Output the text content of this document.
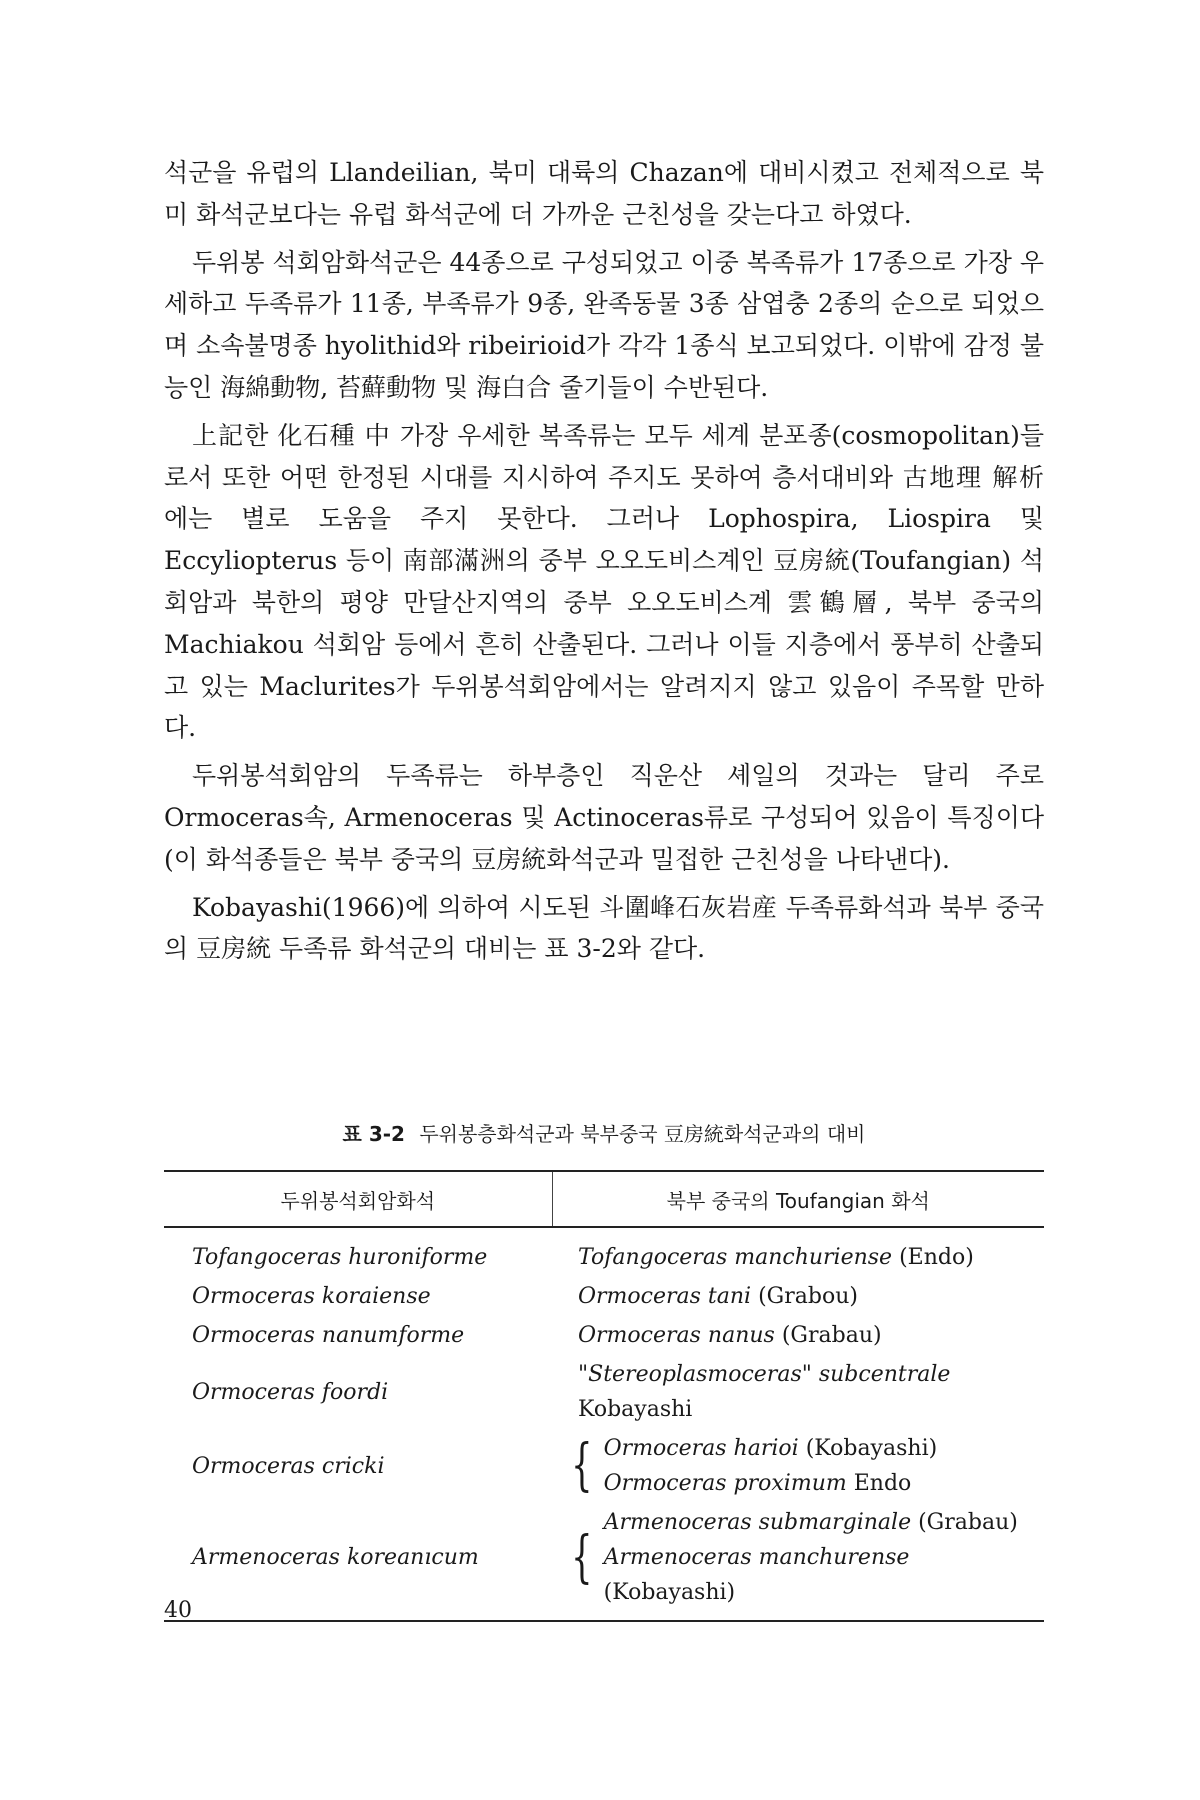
석군을 유럽의 Llandeilian, 북미 대륙의 Chazan에 대비시켰고 전체적으로 북미 화석군보다는 유럽 화석군에 더 가까운 근친성을 갖는다고 하였다.

두위봉 석회암화석군은 44종으로 구성되었고 이중 복족류가 17종으로 가장 우세하고 두족류가 11종, 부족류가 9종, 완족동물 3종 삼엽충 2종의 순으로 되었으며 소속불명종 hyolithid와 ribeirioid가 각각 1종식 보고되었다. 이밖에 감정 불능인 海綿動物, 苔蘚動物 및 海白合 줄기들이 수반된다.

上記한 化石種 中 가장 우세한 복족류는 모두 세계 분포종(cosmopolitan)들로서 또한 어떤 한정된 시대를 지시하여 주지도 못하여 층서대비와 古地理 解析에는 별로 도움을 주지 못한다. 그러나 Lophospira, Liospira 및 Eccyliopterus 등이 南部滿洲의 중부 오오도비스계인 豆房統(Toufangian) 석회암과 북한의 평양 만달산지역의 중부 오오도비스계 雲鶴層, 북부 중국의 Machiakou 석회암 등에서 흔히 산출된다. 그러나 이들 지층에서 풍부히 산출되고 있는 Maclurites가 두위봉석회암에서는 알려지지 않고 있음이 주목할 만하다.

두위봉석회암의 두족류는 하부층인 직운산 셰일의 것과는 달리 주로 Ormoceras속, Armenoceras 및 Actinoceras류로 구성되어 있음이 특징이다(이 화석종들은 북부 중국의 豆房統화석군과 밀접한 근친성을 나타낸다).

Kobayashi(1966)에 의하여 시도된 斗圍峰石灰岩産 두족류화석과 북부 중국의 豆房統 두족류 화석군의 대비는 표 3-2와 같다.

표 3-2 두위봉층화석군과 북부중국 豆房統화석군과의 대비
두위봉석회암화석	북부 중국의 Toufangian 화석
Tofangoceras huroniforme	Tofangoceras manchuriense (Endo)
Ormoceras koraiense	Ormoceras tani (Grabou)
Ormoceras nanumforme	Ormoceras nanus (Grabau)
Ormoceras foordi	"Stereoplasmoceras" subcentrale Kobayashi
Ormoceras cricki	{ Ormoceras harioi (Kobayashi)
Ormoceras proximum Endo

Armenoceras koreanıcum	{
Armenoceras submarginale (Grabau)
Armenoceras manchurense (Kobayashi)
40
